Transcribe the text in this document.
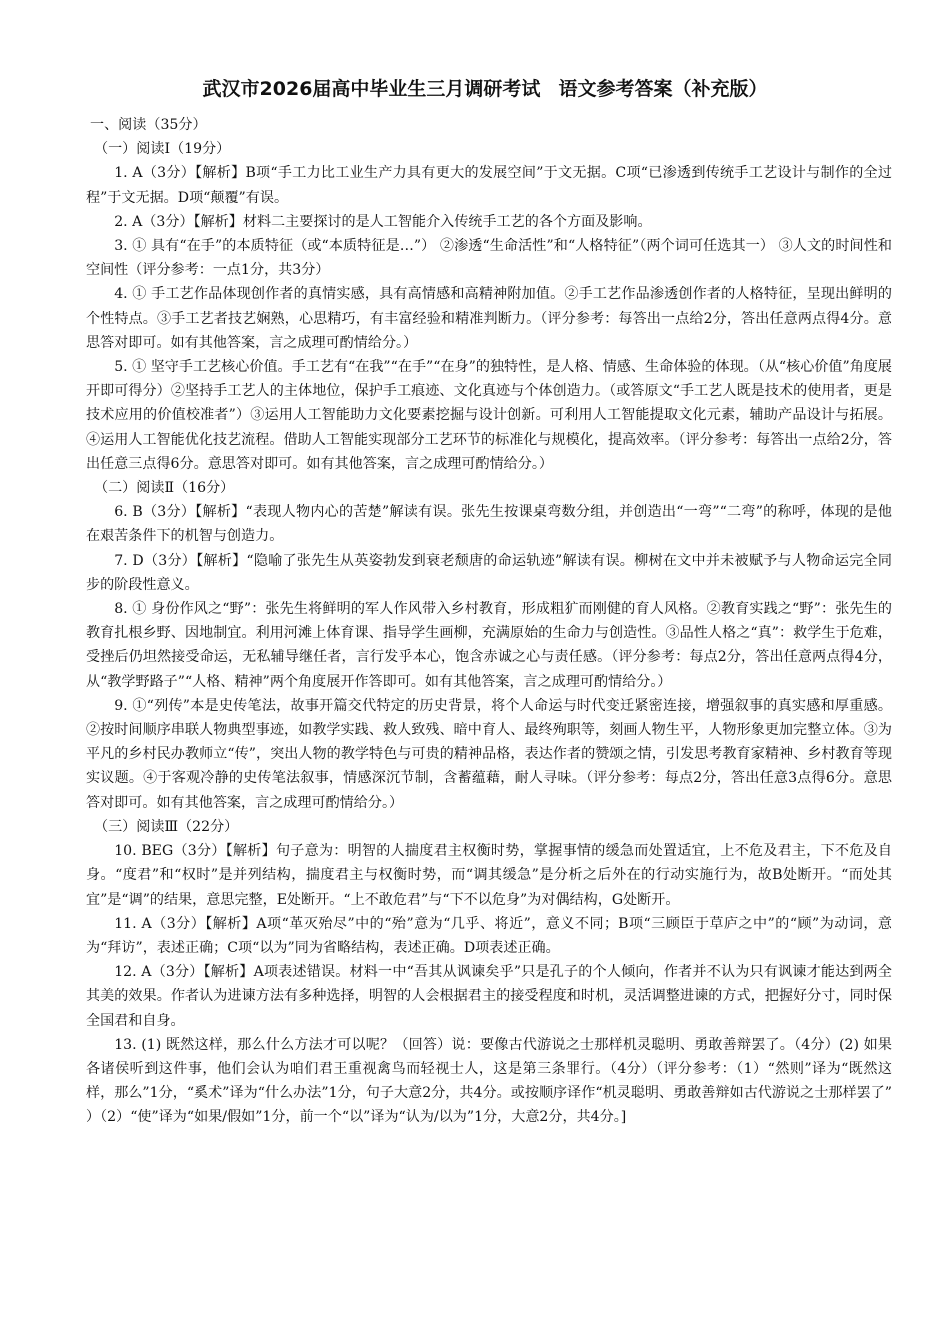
武汉市2026届高中毕业生三月调研考试 语文参考答案（补充版）

一、阅读（35分）

（一）阅读Ⅰ（19分）

1. A（3分）【解析】B项“手工力比工业生产力具有更大的发展空间”于文无据。C项“已渗透到传统手工艺设计与制作的全过程”于文无据。D项“颠覆”有误。

2. A（3分）【解析】材料二主要探讨的是人工智能介入传统手工艺的各个方面及影响。

3. ① 具有“在手”的本质特征（或“本质特征是…”） ②渗透“生命活性”和“人格特征”（两个词可任选其一） ③人文的时间性和空间性（评分参考：一点1分，共3分）

4. ① 手工艺作品体现创作者的真情实感，具有高情感和高精神附加值。②手工艺作品渗透创作者的人格特征，呈现出鲜明的个性特点。③手工艺者技艺娴熟，心思精巧，有丰富经验和精准判断力。（评分参考：每答出一点给2分，答出任意两点得4分。意思答对即可。如有其他答案，言之成理可酌情给分。）

5. ① 坚守手工艺核心价值。手工艺有“在我”“在手”“在身”的独特性，是人格、情感、生命体验的体现。（从“核心价值”角度展开即可得分）②坚持手工艺人的主体地位，保护手工痕迹、文化真迹与个体创造力。（或答原文“手工艺人既是技术的使用者，更是技术应用的价值校准者”）③运用人工智能助力文化要素挖掘与设计创新。可利用人工智能提取文化元素，辅助产品设计与拓展。④运用人工智能优化技艺流程。借助人工智能实现部分工艺环节的标准化与规模化，提高效率。（评分参考：每答出一点给2分，答出任意三点得6分。意思答对即可。如有其他答案，言之成理可酌情给分。）

（二）阅读Ⅱ（16分）

6. B（3分）【解析】“表现人物内心的苦楚”解读有误。张先生按课桌弯数分组，并创造出“一弯”“二弯”的称呼，体现的是他在艰苦条件下的机智与创造力。

7. D（3分）【解析】“隐喻了张先生从英姿勃发到衰老颓唐的命运轨迹”解读有误。柳树在文中并未被赋予与人物命运完全同步的阶段性意义。

8. ① 身份作风之“野”：张先生将鲜明的军人作风带入乡村教育，形成粗犷而刚健的育人风格。②教育实践之“野”：张先生的教育扎根乡野、因地制宜。利用河滩上体育课、指导学生画柳，充满原始的生命力与创造性。③品性人格之“真”：救学生于危难，受挫后仍坦然接受命运，无私辅导继任者，言行发乎本心，饱含赤诚之心与责任感。（评分参考：每点2分，答出任意两点得4分，从“教学野路子”“人格、精神”两个角度展开作答即可。如有其他答案，言之成理可酌情给分。）

9. ①“列传”本是史传笔法，故事开篇交代特定的历史背景，将个人命运与时代变迁紧密连接，增强叙事的真实感和厚重感。②按时间顺序串联人物典型事迹，如教学实践、救人致残、暗中育人、最终殉职等，刻画人物生平，人物形象更加完整立体。③为平凡的乡村民办教师立“传”，突出人物的教学特色与可贵的精神品格，表达作者的赞颂之情，引发思考教育家精神、乡村教育等现实议题。④于客观冷静的史传笔法叙事，情感深沉节制，含蓄蕴藉，耐人寻味。（评分参考：每点2分，答出任意3点得6分。意思答对即可。如有其他答案，言之成理可酌情给分。）

（三）阅读Ⅲ（22分）

10. BEG（3分）【解析】句子意为：明智的人揣度君主权衡时势，掌握事情的缓急而处置适宜，上不危及君主，下不危及自身。“度君”和“权时”是并列结构，揣度君主与权衡时势，而“调其缓急”是分析之后外在的行动实施行为，故B处断开。“而处其宜”是“调”的结果，意思完整，E处断开。“上不敢危君”与“下不以危身”为对偶结构，G处断开。

11. A（3分）【解析】A项“革灭殆尽”中的“殆”意为“几乎、将近”，意义不同；B项“三顾臣于草庐之中”的“顾”为动词，意为“拜访”，表述正确；C项“以为”同为省略结构，表述正确。D项表述正确。

12. A（3分）【解析】A项表述错误。材料一中“吾其从讽谏矣乎”只是孔子的个人倾向，作者并不认为只有讽谏才能达到两全其美的效果。作者认为进谏方法有多种选择，明智的人会根据君主的接受程度和时机，灵活调整进谏的方式，把握好分寸，同时保全国君和自身。

13. (1) 既然这样，那么什么方法才可以呢？（回答）说：要像古代游说之士那样机灵聪明、勇敢善辩罢了。（4分）(2) 如果各诸侯听到这件事，他们会认为咱们君王重视禽鸟而轻视士人，这是第三条罪行。（4分）（评分参考：（1）“然则”译为“既然这样，那么”1分，“奚术”译为“什么办法”1分，句子大意2分，共4分。或按顺序译作“机灵聪明、勇敢善辩如古代游说之士那样罢了” ）（2）“使”译为“如果/假如”1分，前一个“以”译为“认为/以为”1分，大意2分，共4分。]
